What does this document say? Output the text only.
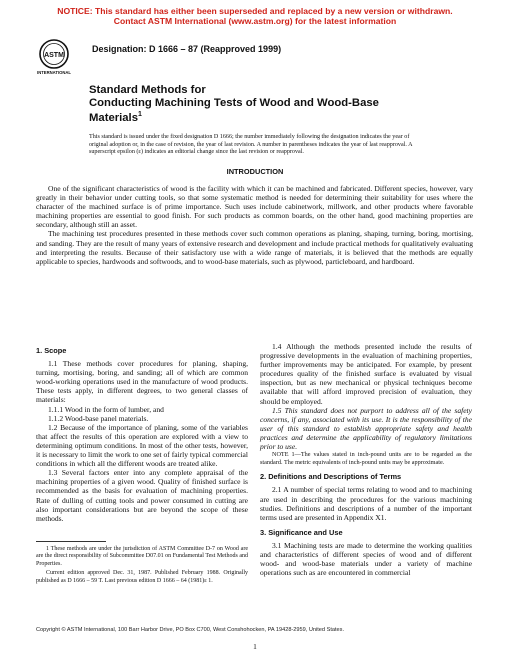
NOTICE: This standard has either been superseded and replaced by a new version or withdrawn.
Contact ASTM International (www.astm.org) for the latest information
ASTM
INTERNATIONAL
Designation: D 1666 – 87 (Reapproved 1999)
Standard Methods for
Conducting Machining Tests of Wood and Wood-Base
Materials$^1$
This standard is issued under the fixed designation D 1666; the number immediately following the designation indicates the year of original adoption or, in the case of revision, the year of last revision. A number in parentheses indicates the year of last reapproval. A superscript epsilon (ε) indicates an editorial change since the last revision or reapproval.
INTRODUCTION

One of the significant characteristics of wood is the facility with which it can be machined and fabricated. Different species, however, vary greatly in their behavior under cutting tools, so that some systematic method is needed for determining their suitability for uses where the character of the machined surface is of prime importance. Such uses include cabinetwork, millwork, and other products where favorable machining properties are essential to good finish. For such products as common boards, on the other hand, good machining properties are secondary, although still an asset.

The machining test procedures presented in these methods cover such common operations as planing, shaping, turning, boring, mortising, and sanding. They are the result of many years of extensive research and development and include practical methods for qualitatively evaluating and interpreting the results. Because of their satisfactory use with a wide range of materials, it is believed that the methods are equally applicable to species, hardwoods and softwoods, and to wood-base materials, such as plywood, particleboard, and hardboard.

1. Scope

1.1 These methods cover procedures for planing, shaping, turning, mortising, boring, and sanding; all of which are common wood-working operations used in the manufacture of wood products. These tests apply, in different degrees, to two general classes of materials:

1.1.1 Wood in the form of lumber, and

1.1.2 Wood-base panel materials.

1.2 Because of the importance of planing, some of the variables that affect the results of this operation are explored with a view to determining optimum conditions. In most of the other tests, however, it is necessary to limit the work to one set of fairly typical commercial conditions in which all the different woods are treated alike.

1.3 Several factors enter into any complete appraisal of the machining properties of a given wood. Quality of finished surface is recommended as the basis for evaluation of machining properties. Rate of dulling of cutting tools and power consumed in cutting are also important considerations but are beyond the scope of these methods.

1.4 Although the methods presented include the results of progressive developments in the evaluation of machining properties, further improvements may be anticipated. For example, by present procedures quality of the finished surface is evaluated by visual inspection, but as new mechanical or physical techniques become available that will afford improved precision of evaluation, they should be employed.

1.5 This standard does not purport to address all of the safety concerns, if any, associated with its use. It is the responsibility of the user of this standard to establish appropriate safety and health practices and determine the applicability of regulatory limitations prior to use.

NOTE 1—The values stated in inch-pound units are to be regarded as the standard. The metric equivalents of inch-pound units may be approximate.

2. Definitions and Descriptions of Terms

2.1 A number of special terms relating to wood and to machining are used in describing the procedures for the various machining studies. Definitions and descriptions of a number of the important terms used are presented in Appendix X1.

3. Significance and Use

3.1 Machining tests are made to determine the working qualities and characteristics of different species of wood and of different wood- and wood-base materials under a variety of machine operations such as are encountered in commercial

1 These methods are under the jurisdiction of ASTM Committee D-7 on Wood are are the direct responsibility of Subcommittee D07.01 on Fundamental Test Methods and Properties.

Current edition approved Dec. 31, 1987. Published February 1988. Originally published as D 1666 – 59 T. Last previous edition D 1666 – 64 (1981)ε 1.

Copyright © ASTM International, 100 Barr Harbor Drive, PO Box C700, West Conshohocken, PA 19428-2959, United States.
1
